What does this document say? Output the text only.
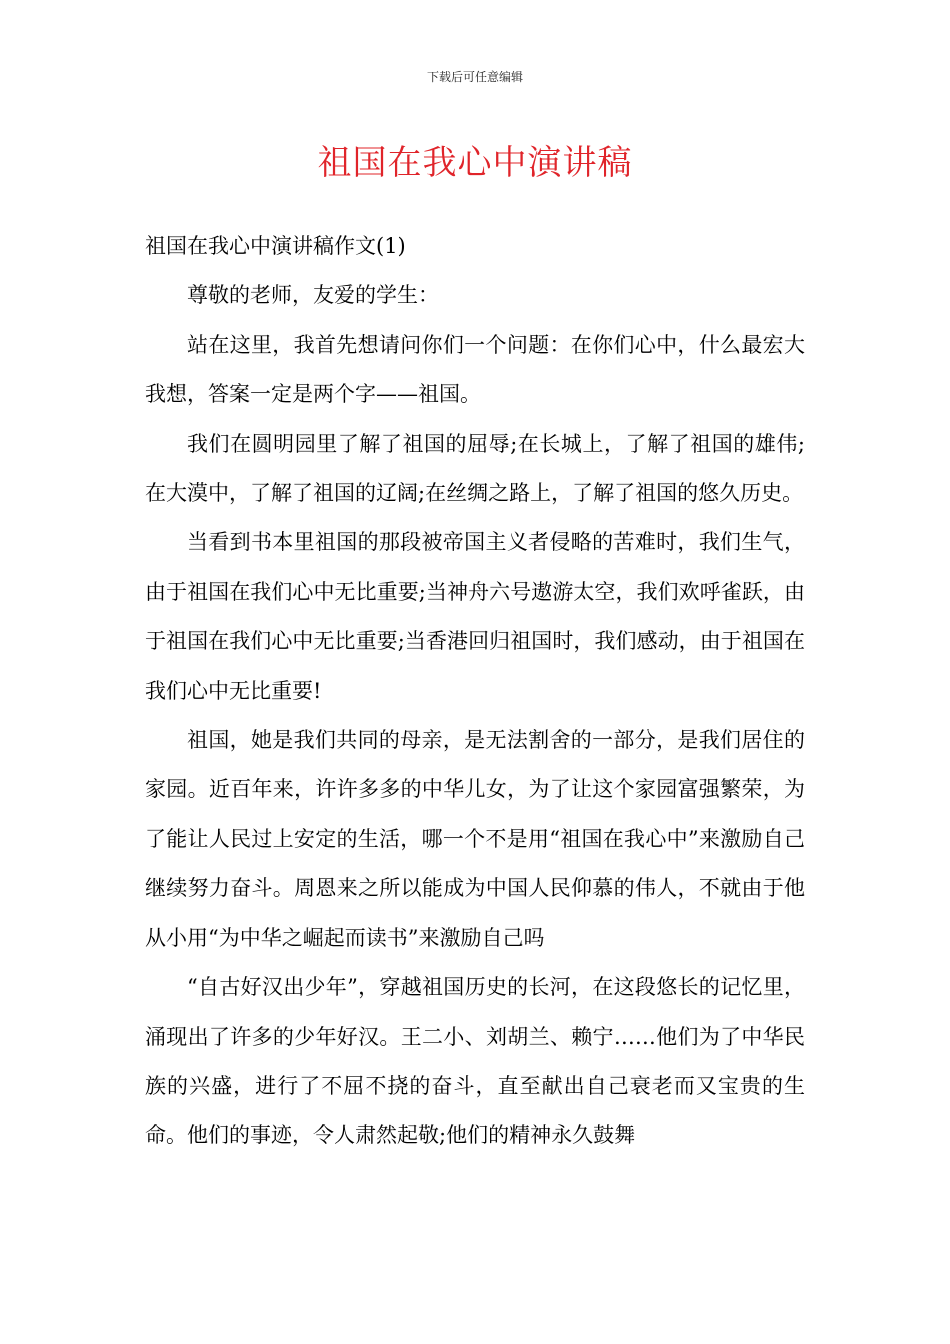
下载后可任意编辑
祖国在我心中演讲稿

祖国在我心中演讲稿作文(1)

尊敬的老师，友爱的学生：

站在这里，我首先想请问你们一个问题：在你们心中，什么最宏大我想，答案一定是两个字——祖国。

我们在圆明园里了解了祖国的屈辱;在长城上，了解了祖国的雄伟;在大漠中，了解了祖国的辽阔;在丝绸之路上，了解了祖国的悠久历史。

当看到书本里祖国的那段被帝国主义者侵略的苦难时，我们生气，由于祖国在我们心中无比重要;当神舟六号遨游太空，我们欢呼雀跃，由于祖国在我们心中无比重要;当香港回归祖国时，我们感动，由于祖国在我们心中无比重要!

祖国，她是我们共同的母亲，是无法割舍的一部分，是我们居住的家园。近百年来，许许多多的中华儿女，为了让这个家园富强繁荣，为了能让人民过上安定的生活，哪一个不是用“祖国在我心中”来激励自己继续努力奋斗。周恩来之所以能成为中国人民仰慕的伟人，不就由于他从小用“为中华之崛起而读书”来激励自己吗

“自古好汉出少年”，穿越祖国历史的长河，在这段悠长的记忆里，涌现出了许多的少年好汉。王二小、刘胡兰、赖宁……他们为了中华民族的兴盛，进行了不屈不挠的奋斗，直至献出自己衰老而又宝贵的生命。他们的事迹，令人肃然起敬;他们的精神永久鼓舞
